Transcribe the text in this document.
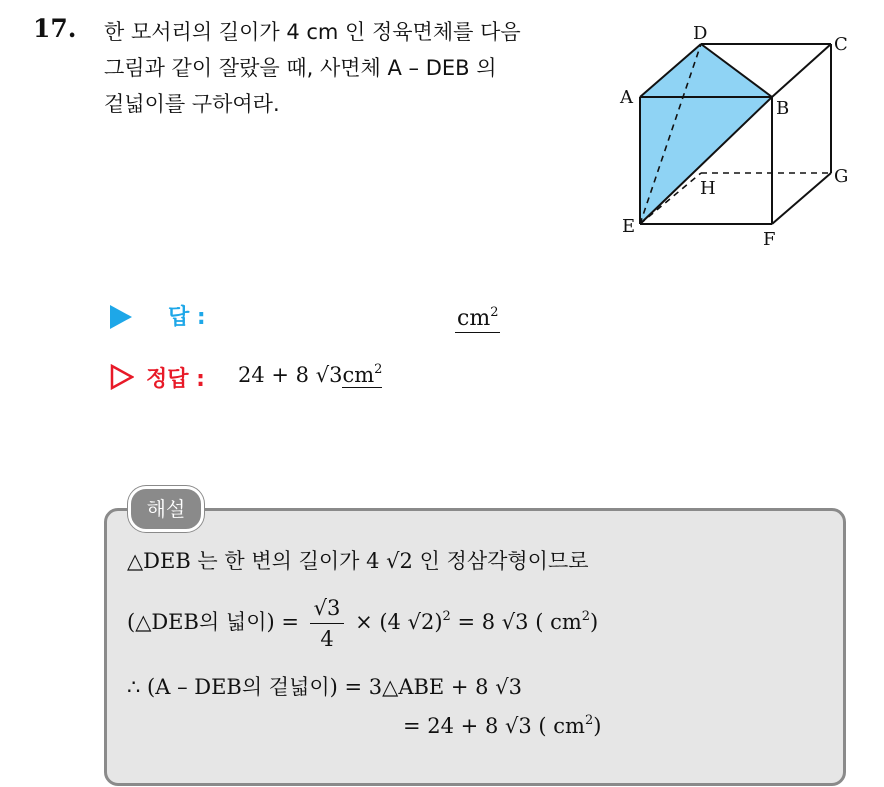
17. 한 모서리의 길이가 4 cm 인 정육면체를 다음
그림과 같이 잘랐을 때, 사면체 A – DEB 의
겉넓이를 구하여라.
D
C
A
B
H
G
E
F
답 :	$cm^2$
정답 : 24 + 8 $√3cm^2$
해설
△DEB 는 한 변의 길이가 4 √2 인 정삼각형이므로
(△DEB의 넓이) = $\frac{√3}{4} \times (4$ √2)$^2$ = 8 √3 ( $cm^2$)
∴ (A – DEB의 겉넓이) = 3△ABE + 8 √3
= 24 + 8 √3 ( $cm^2$)
